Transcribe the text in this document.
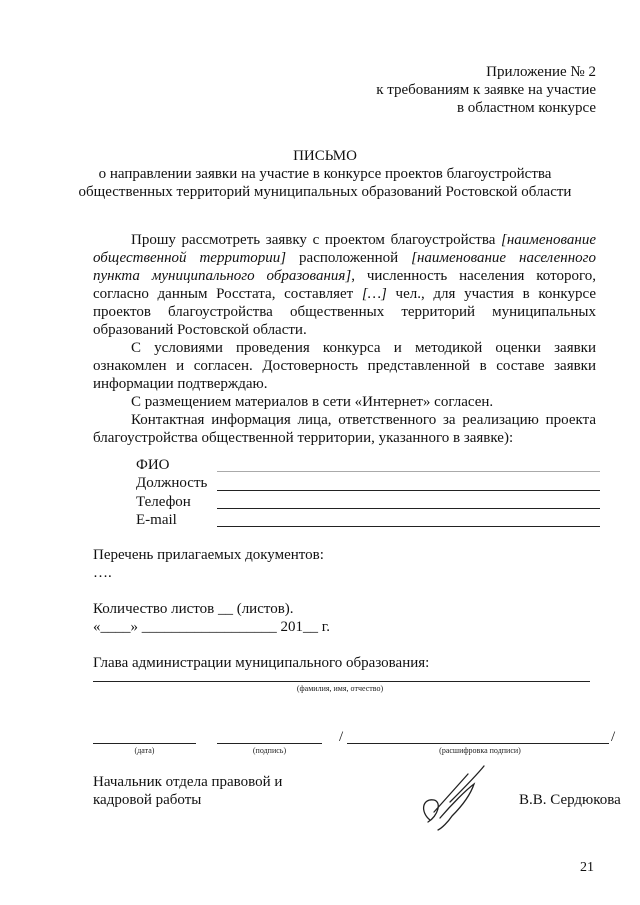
Приложение № 2
к требованиям к заявке на участие
в областном конкурсе
ПИСЬМО
о направлении заявки на участие в конкурсе проектов благоустройства
общественных территорий муниципальных образований Ростовской области
Прошу рассмотреть заявку с проектом благоустройства [наименование общественной территории] расположенной [наименование населенного пункта муниципального образования], численность населения которого, согласно данным Росстата, составляет […] чел., для участия в конкурсе проектов благоустройства общественных территорий муниципальных образований Ростовской области.
С условиями проведения конкурса и методикой оценки заявки ознакомлен и согласен. Достоверность представленной в составе заявки информации подтверждаю.
С размещением материалов в сети «Интернет» согласен.
Контактная информация лица, ответственного за реализацию проекта благоустройства общественной территории, указанного в заявке):
ФИО
Должность
Телефон
E-mail
Перечень прилагаемых документов:
….
Количество листов __ (листов).
«____» __________________ 201__ г.
Глава администрации муниципального образования:
(фамилия, имя, отчество)
(дата)	(подпись)
/	/
(расшифровка подписи)
Начальник отдела правовой и
кадровой работы	В.В. Сердюкова
21
